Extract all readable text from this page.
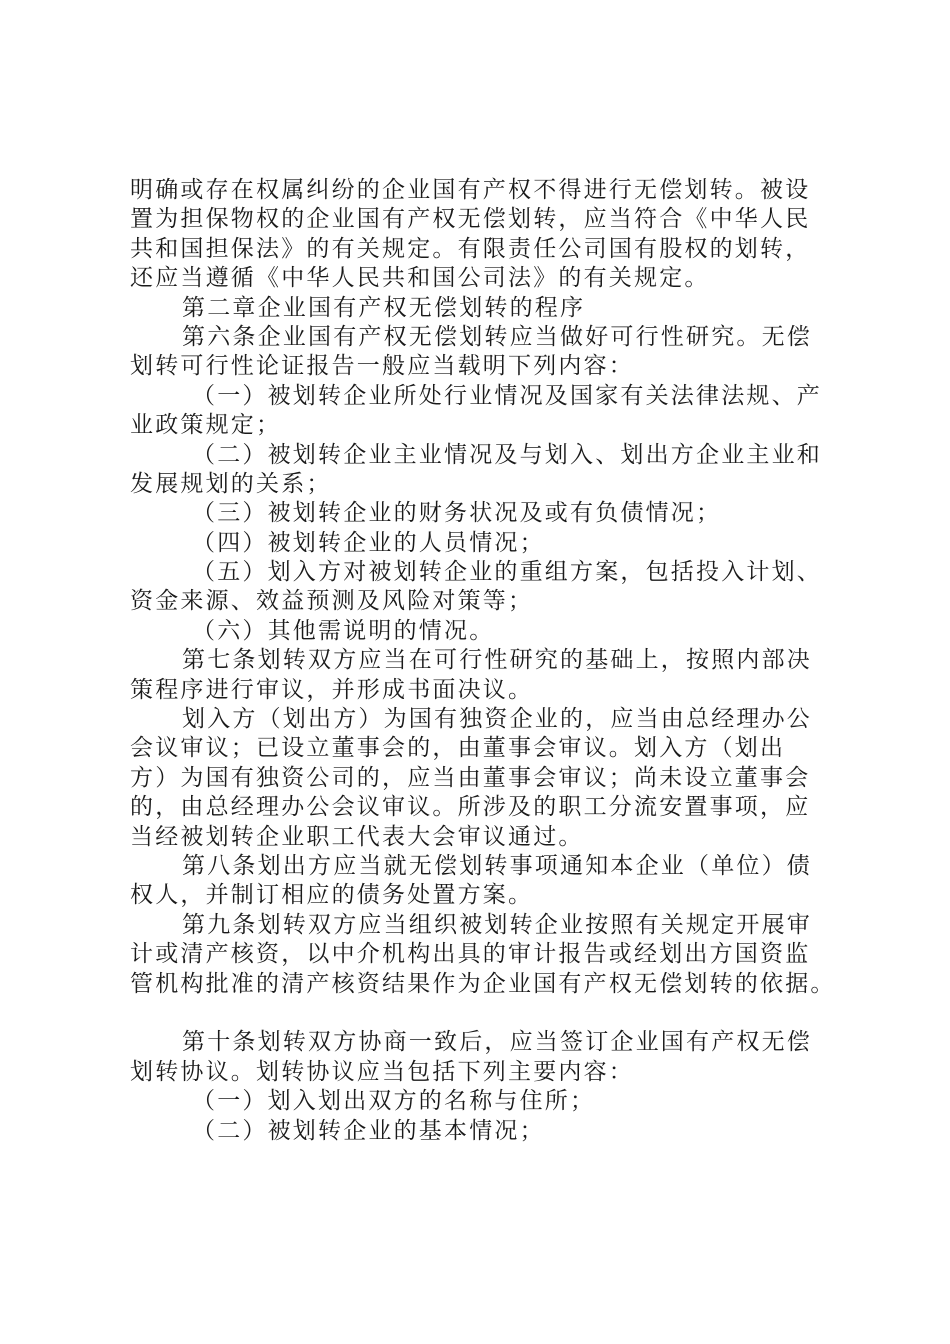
明确或存在权属纠纷的企业国有产权不得进行无偿划转。被设
置为担保物权的企业国有产权无偿划转，应当符合《中华人民
共和国担保法》的有关规定。有限责任公司国有股权的划转，
还应当遵循《中华人民共和国公司法》的有关规定。
第二章企业国有产权无偿划转的程序
第六条企业国有产权无偿划转应当做好可行性研究。无偿
划转可行性论证报告一般应当载明下列内容：
（一）被划转企业所处行业情况及国家有关法律法规、产
业政策规定；
（二）被划转企业主业情况及与划入、划出方企业主业和
发展规划的关系；
（三）被划转企业的财务状况及或有负债情况；
（四）被划转企业的人员情况；
（五）划入方对被划转企业的重组方案，包括投入计划、
资金来源、效益预测及风险对策等；
（六）其他需说明的情况。
第七条划转双方应当在可行性研究的基础上，按照内部决
策程序进行审议，并形成书面决议。
划入方（划出方）为国有独资企业的，应当由总经理办公
会议审议；已设立董事会的，由董事会审议。划入方（划出
方）为国有独资公司的，应当由董事会审议；尚未设立董事会
的，由总经理办公会议审议。所涉及的职工分流安置事项，应
当经被划转企业职工代表大会审议通过。
第八条划出方应当就无偿划转事项通知本企业（单位）债
权人，并制订相应的债务处置方案。
第九条划转双方应当组织被划转企业按照有关规定开展审
计或清产核资，以中介机构出具的审计报告或经划出方国资监
管机构批准的清产核资结果作为企业国有产权无偿划转的依据。
第十条划转双方协商一致后，应当签订企业国有产权无偿
划转协议。划转协议应当包括下列主要内容：
（一）划入划出双方的名称与住所；
（二）被划转企业的基本情况；
